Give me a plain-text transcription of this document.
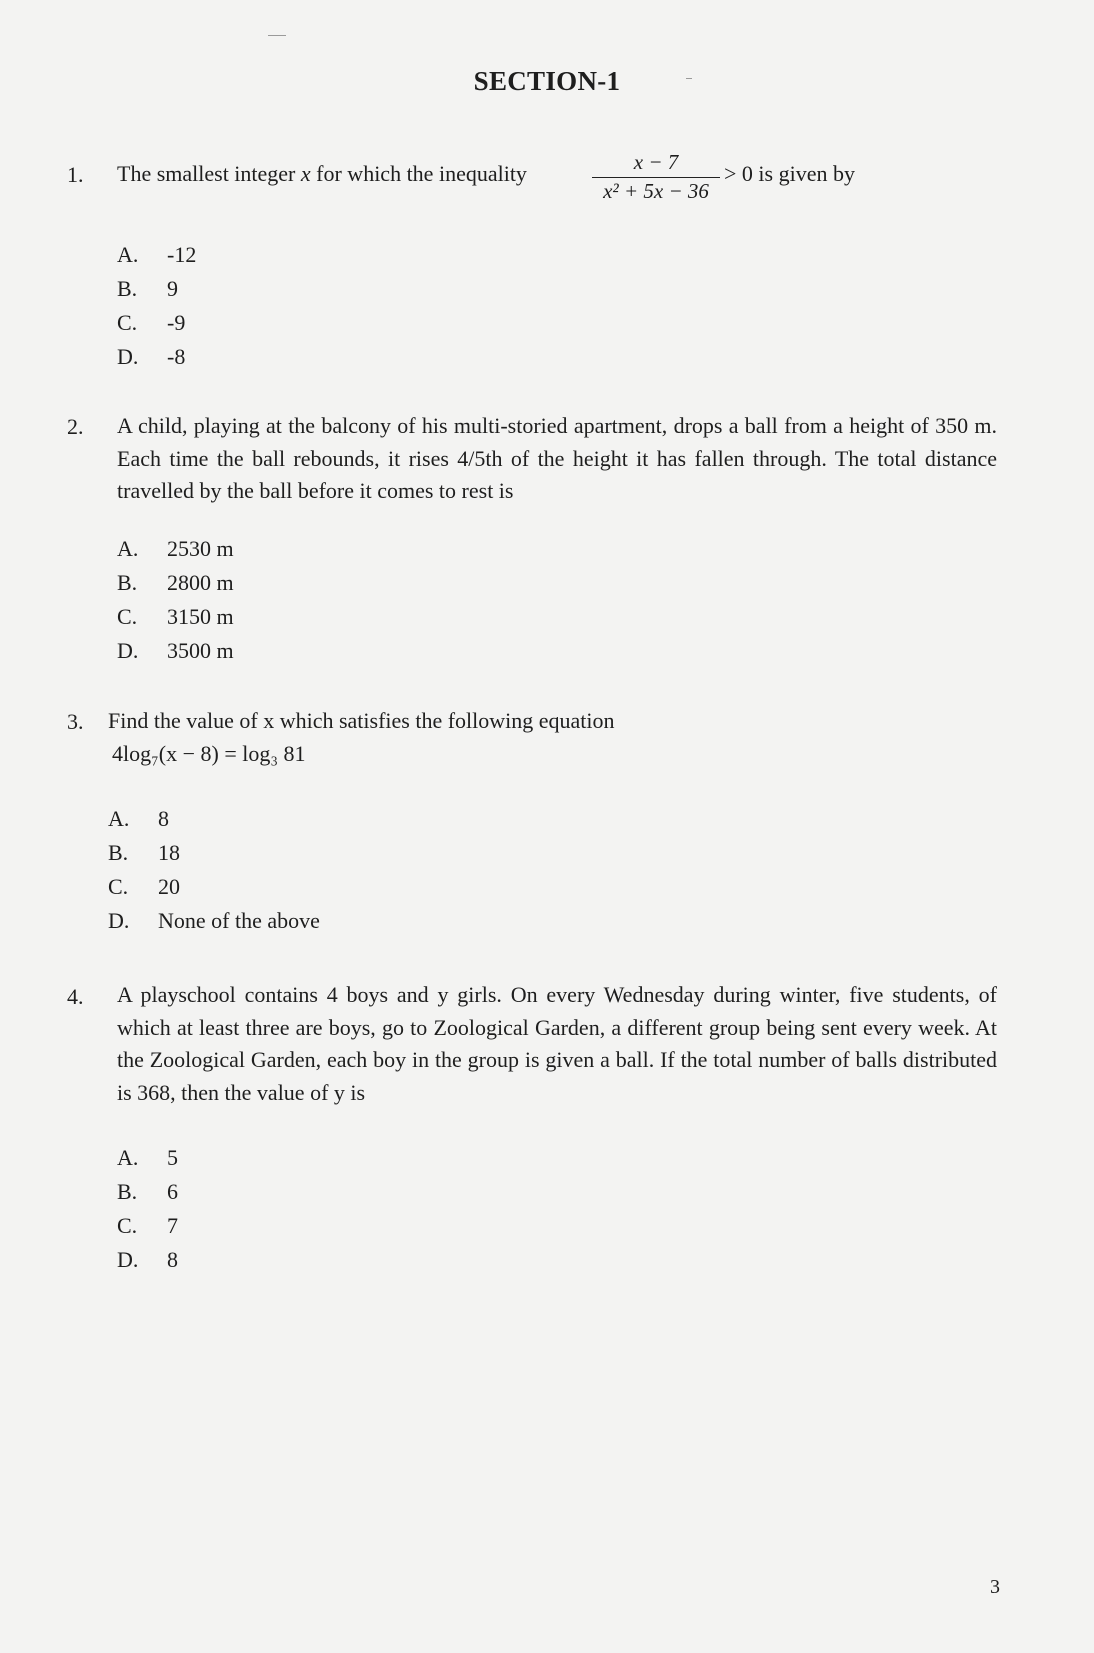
SECTION-1
1. The smallest integer x for which the inequality	x − 7
x² + 5x − 36
> 0 is given by
A. -12
B. 9
C. -9
D. -8
2. A child, playing at the balcony of his multi-storied apartment, drops a ball from a height of 350 m. Each time the ball rebounds, it rises 4/5th of the height it has fallen through. The total distance travelled by the ball before it comes to rest is
A. 2530 m
B. 2800 m
C. 3150 m
D. 3500 m
3. Find the value of x which satisfies the following equation
4log₇(x − 8) = log₃ 81
A. 8
B. 18
C. 20
D. None of the above
4. A playschool contains 4 boys and y girls. On every Wednesday during winter, five students, of which at least three are boys, go to Zoological Garden, a different group being sent every week. At the Zoological Garden, each boy in the group is given a ball. If the total number of balls distributed is 368, then the value of y is
A. 5
B. 6
C. 7
D. 8
3
